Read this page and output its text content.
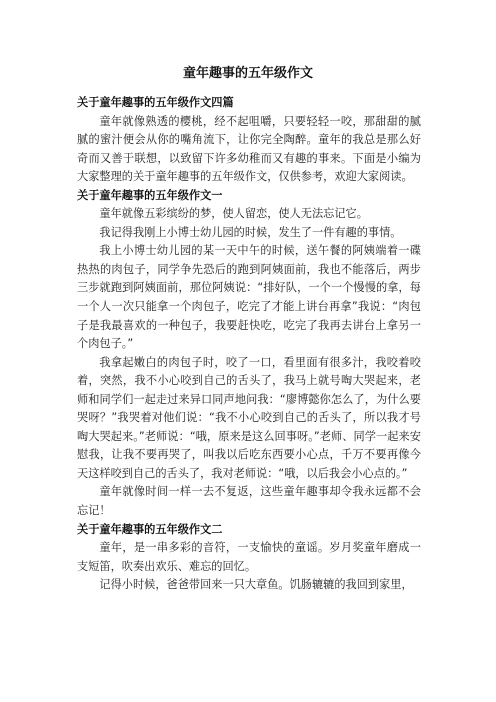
童年趣事的五年级作文

关于童年趣事的五年级作文四篇

童年就像熟透的樱桃，经不起咀嚼，只要轻轻一咬，那甜甜的腻腻的蜜汁便会从你的嘴角流下，让你完全陶醉。童年的我总是那么好奇而又善于联想，以致留下许多幼稚而又有趣的事来。下面是小编为大家整理的关于童年趣事的五年级作文，仅供参考，欢迎大家阅读。

关于童年趣事的五年级作文一

童年就像五彩缤纷的梦，使人留恋，使人无法忘记它。

我记得我刚上小博士幼儿园的时候，发生了一件有趣的事情。

我上小博士幼儿园的某一天中午的时候，送午餐的阿姨端着一碟热热的肉包子，同学争先恐后的跑到阿姨面前，我也不能落后，两步三步就跑到阿姨面前，那位阿姨说：“排好队，一个一个慢慢的拿，每一个人一次只能拿一个肉包子，吃完了才能上讲台再拿”我说：“肉包子是我最喜欢的一种包子，我要赶快吃，吃完了我再去讲台上拿另一个肉包子。”

我拿起嫩白的肉包子时，咬了一口，看里面有很多汁，我咬着咬着，突然，我不小心咬到自己的舌头了，我马上就号啕大哭起来，老师和同学们一起走过来异口同声地问我：“廖博懿你怎么了，为什么要哭呀？”我哭着对他们说：“我不小心咬到自己的舌头了，所以我才号啕大哭起来。”老师说：“哦，原来是这么回事呀。”老师、同学一起来安慰我，让我不要再哭了，叫我以后吃东西要小心点，千万不要再像今天这样咬到自己的舌头了，我对老师说：“哦，以后我会小心点的。”

童年就像时间一样一去不复返，这些童年趣事却令我永远都不会忘记！

关于童年趣事的五年级作文二

童年，是一串多彩的音符，一支愉快的童谣。岁月奖童年磨成一支短笛，吹奏出欢乐、难忘的回忆。

记得小时候，爸爸带回来一只大章鱼。饥肠辘辘的我回到家里，
